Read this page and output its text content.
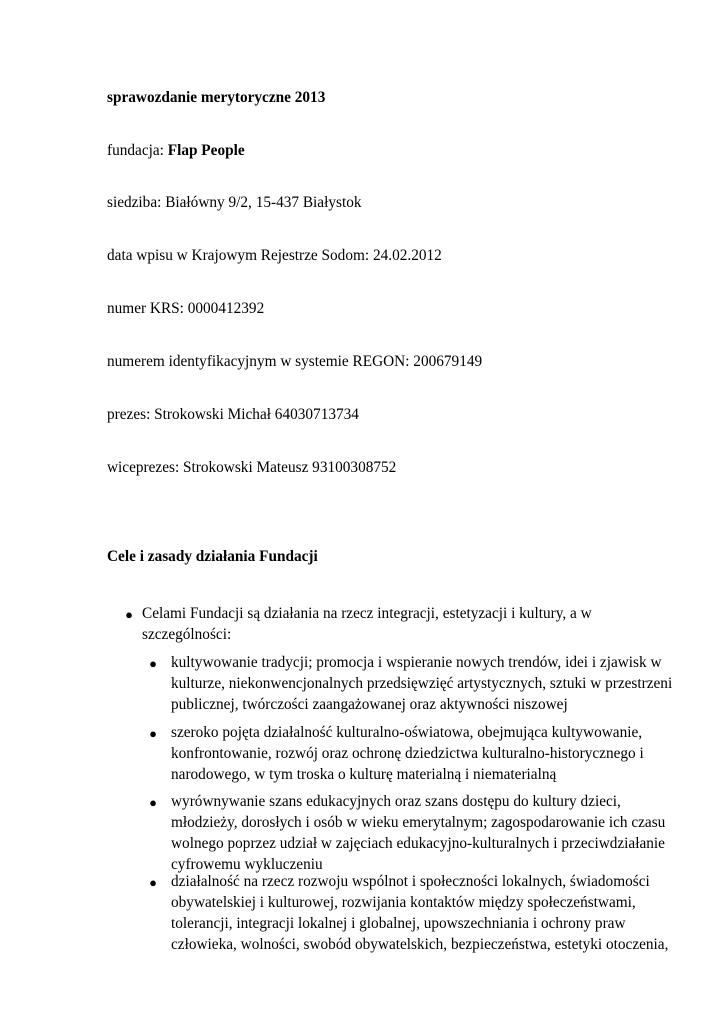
sprawozdanie merytoryczne 2013
fundacja: Flap People
siedziba: Białówny 9/2, 15-437 Białystok
data wpisu w Krajowym Rejestrze Sodom: 24.02.2012
numer KRS: 0000412392
numerem identyfikacyjnym w systemie REGON: 200679149
prezes: Strokowski Michał 64030713734
wiceprezes: Strokowski Mateusz 93100308752
Cele i zasady działania Fundacji
● Celami Fundacji są działania na rzecz integracji, estetyzacji i kultury, a w
szczególności:
● kultywowanie tradycji; promocja i wspieranie nowych trendów, idei i zjawisk w
kulturze, niekonwencjonalnych przedsięwzięć artystycznych, sztuki w przestrzeni
publicznej, twórczości zaangażowanej oraz aktywności niszowej
● szeroko pojęta działalność kulturalno-oświatowa, obejmująca kultywowanie,
konfrontowanie, rozwój oraz ochronę dziedzictwa kulturalno-historycznego i
narodowego, w tym troska o kulturę materialną i niematerialną
● wyrównywanie szans edukacyjnych oraz szans dostępu do kultury dzieci,
młodzieży, dorosłych i osób w wieku emerytalnym; zagospodarowanie ich czasu
wolnego poprzez udział w zajęciach edukacyjno-kulturalnych i przeciwdziałanie
cyfrowemu wykluczeniu
● działalność na rzecz rozwoju wspólnot i społeczności lokalnych, świadomości
obywatelskiej i kulturowej, rozwijania kontaktów między społeczeństwami,
tolerancji, integracji lokalnej i globalnej, upowszechniania i ochrony praw
człowieka, wolności, swobód obywatelskich, bezpieczeństwa, estetyki otoczenia,
